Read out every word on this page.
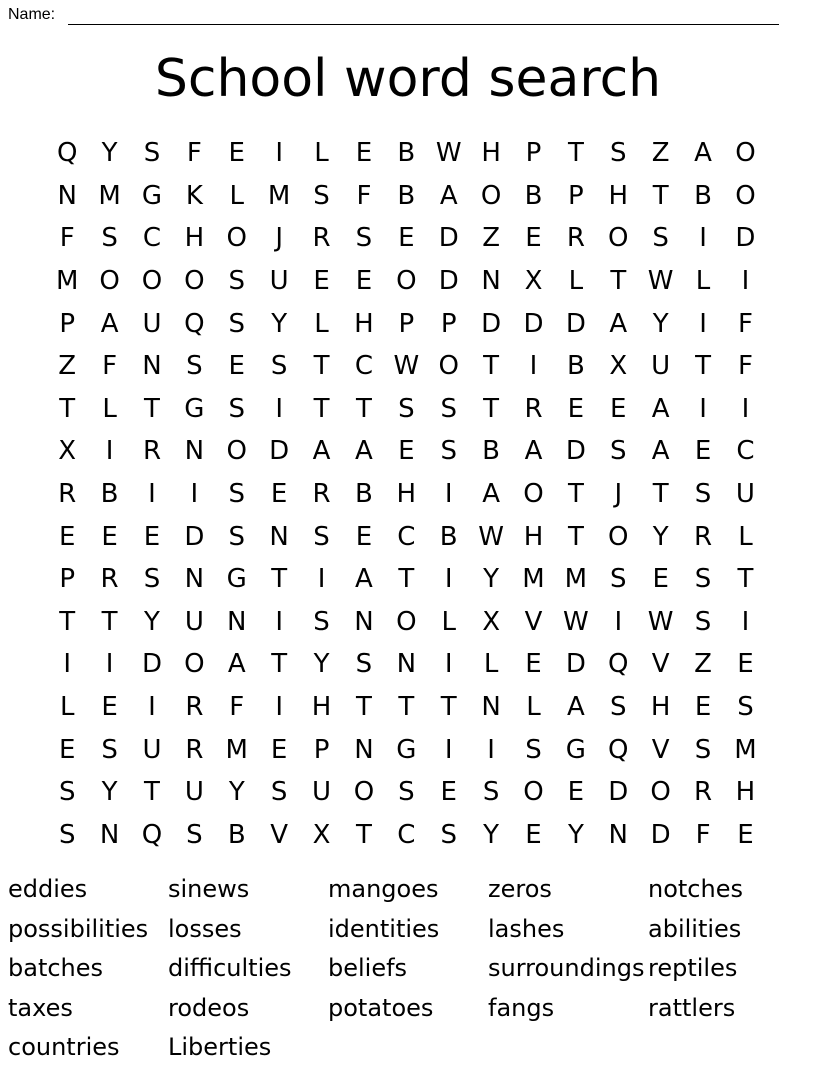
Name:
School word search
Q Y	S	F	E	I	L	E B W H P	T	S Z A O
N M G K	L M S	F B A O B P H T B O
F	S C H O	J	R S E D Z E R O S	I	D
M O O O S U E E O D N X	L	T W L	I
P A U Q S	Y	L H P	P D D D A Y	I	F
Z	F N S E S	T C W O T	I	B X U T	F
T	L	T G S	I	T	T	S S	T R E E A	I	I
X	I	R N O D A A E S B A D S A E C
R B	I	I	S E R B H	I	A O T	J	T	S U
E E E D S N S E C B W H T O Y R	L
P R S N G T	I	A T	I	Y M M S E S	T
T	T	Y U N	I	S N O L	X V W I W S	I
I	I	D O A T	Y	S N	I	L	E D Q V Z E
L	E	I	R F	I	H T	T	T N L	A S H E S
E S U R M E	P N G	I	I	S G Q V S M
S	Y	T U Y	S U O S E S O E D O R H
S N Q S B V X T C S	Y	E	Y N D F	E
eddies	sinews	mangoes	zeros	notches
possibilities losses	identities	lashes	abilities
batches	difficulties	beliefs	surroundings reptiles
taxes	rodeos	potatoes	fangs	rattlers
countries	Liberties
